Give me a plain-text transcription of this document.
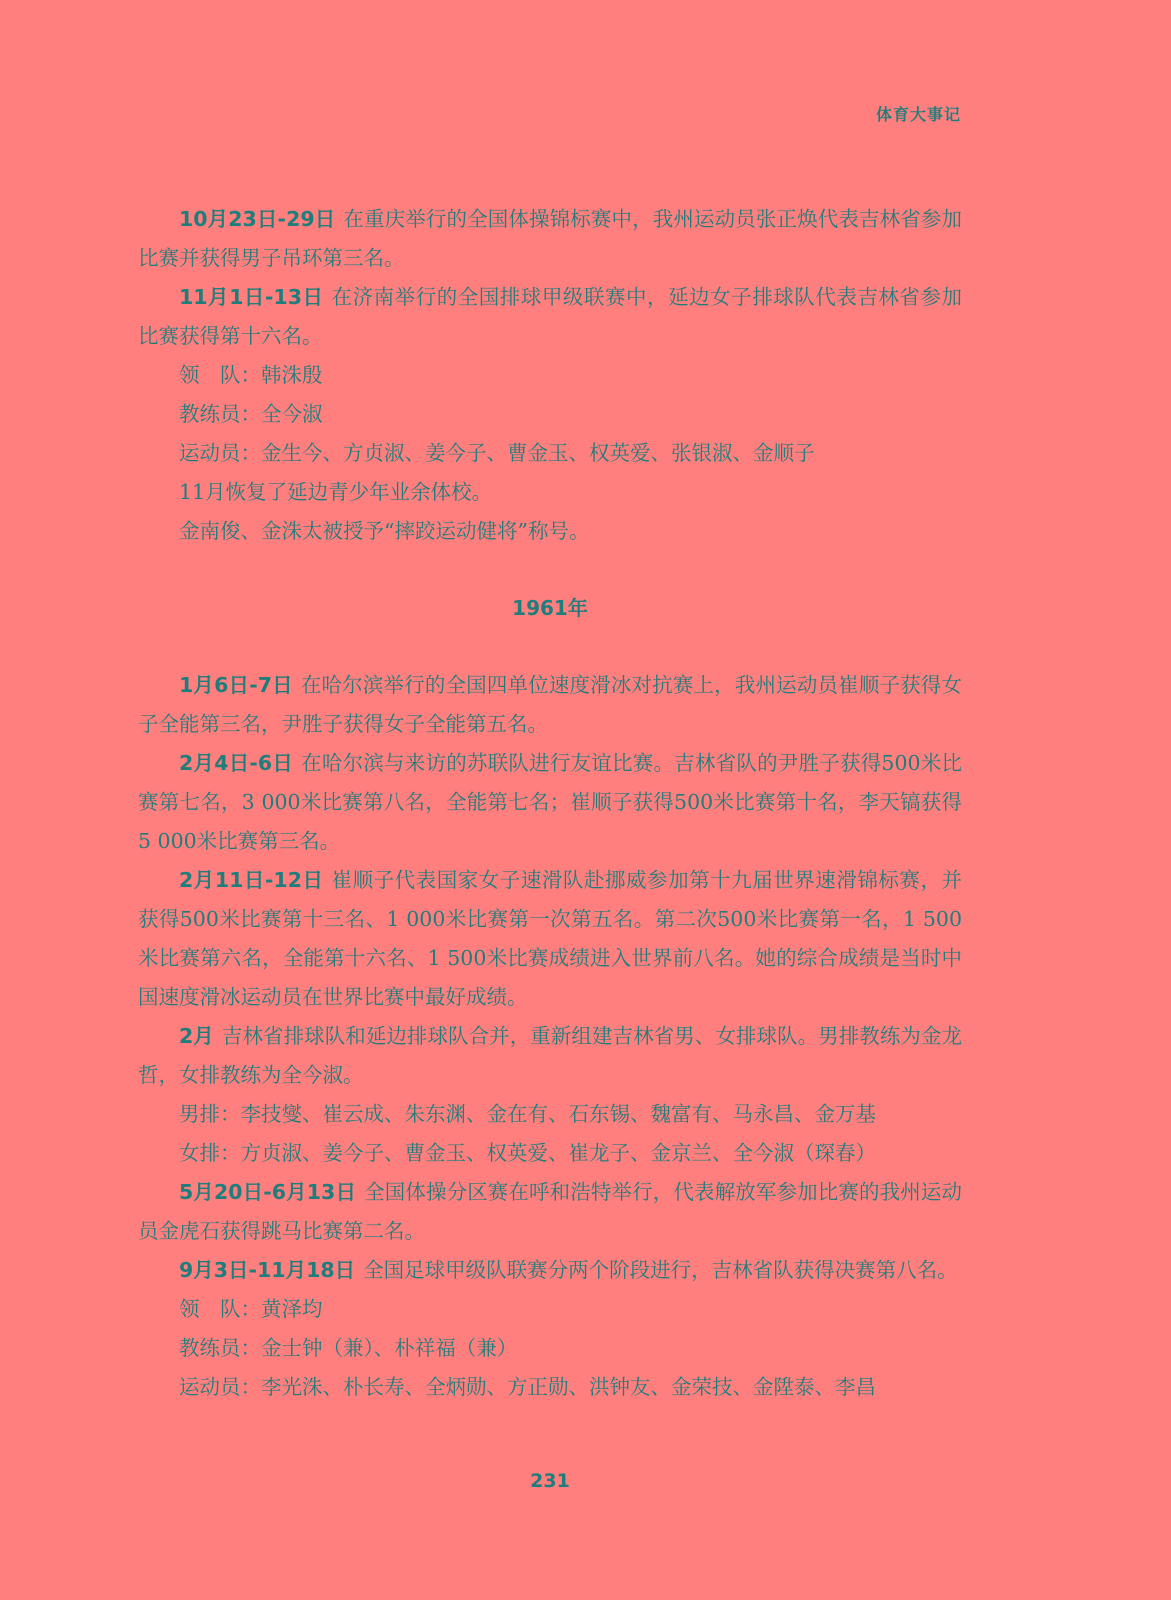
体育大事记

10月23日-29日 在重庆举行的全国体操锦标赛中，我州运动员张正焕代表吉林省参加比赛并获得男子吊环第三名。

11月1日-13日 在济南举行的全国排球甲级联赛中，延边女子排球队代表吉林省参加比赛获得第十六名。

领　队：韩洙殷

教练员：全今淑

运动员：金生今、方贞淑、姜今子、曹金玉、权英爱、张银淑、金顺子

11月恢复了延边青少年业余体校。

金南俊、金洙太被授予“摔跤运动健将”称号。

1961年

1月6日-7日 在哈尔滨举行的全国四单位速度滑冰对抗赛上，我州运动员崔顺子获得女子全能第三名，尹胜子获得女子全能第五名。

2月4日-6日 在哈尔滨与来访的苏联队进行友谊比赛。吉林省队的尹胜子获得500米比赛第七名，3 000米比赛第八名，全能第七名；崔顺子获得500米比赛第十名，李天镐获得5 000米比赛第三名。

2月11日-12日 崔顺子代表国家女子速滑队赴挪威参加第十九届世界速滑锦标赛，并获得500米比赛第十三名、1 000米比赛第一次第五名。第二次500米比赛第一名，1 500米比赛第六名，全能第十六名、1 500米比赛成绩进入世界前八名。她的综合成绩是当时中国速度滑冰运动员在世界比赛中最好成绩。

2月 吉林省排球队和延边排球队合并，重新组建吉林省男、女排球队。男排教练为金龙哲，女排教练为全今淑。

男排：李技燮、崔云成、朱东渊、金在有、石东锡、魏富有、马永昌、金万基

女排：方贞淑、姜今子、曹金玉、权英爱、崔龙子、金京兰、全今淑（琛春）

5月20日-6月13日 全国体操分区赛在呼和浩特举行，代表解放军参加比赛的我州运动员金虎石获得跳马比赛第二名。

9月3日-11月18日 全国足球甲级队联赛分两个阶段进行，吉林省队获得决赛第八名。

领　队：黄泽均

教练员：金士钟（兼）、朴祥福（兼）

运动员：李光洙、朴长寿、全炳勋、方正勋、洪钟友、金荣技、金陞泰、李昌

231
